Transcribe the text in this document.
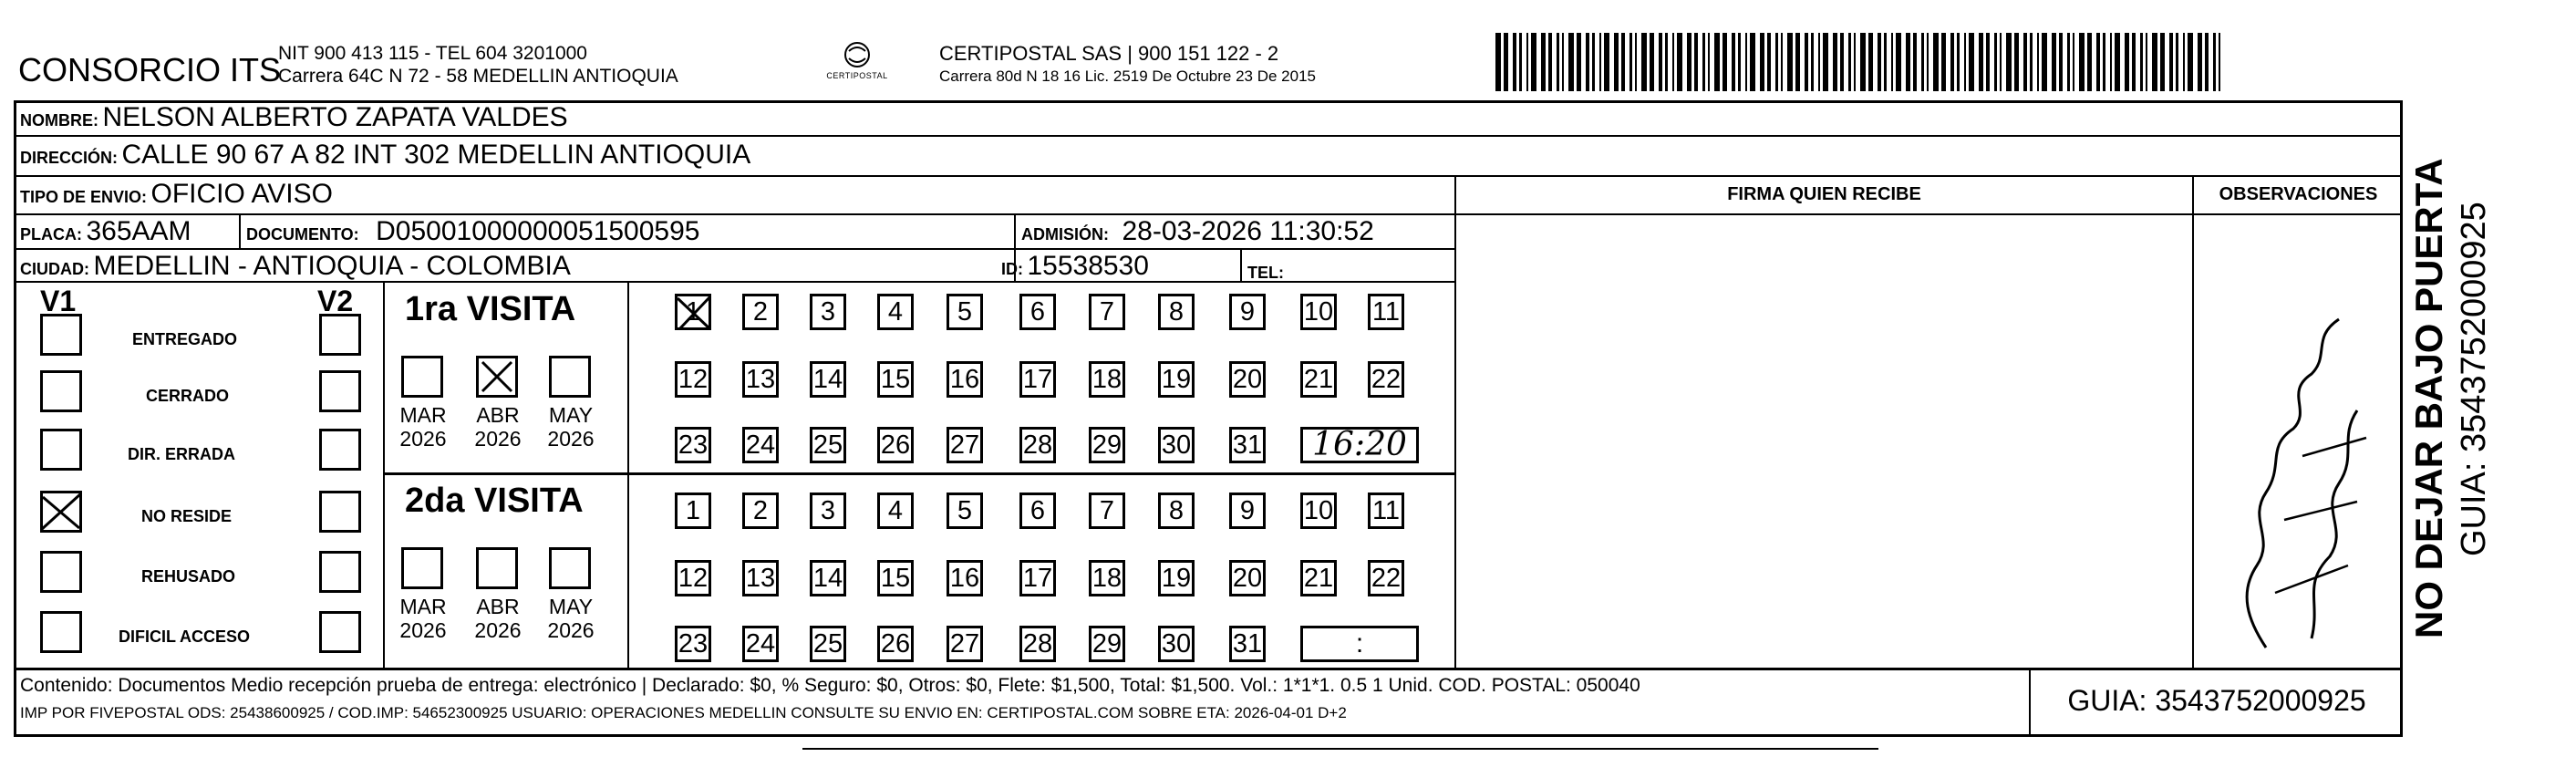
CONSORCIO ITS
NIT 900 413 115 - TEL 604 3201000
Carrera 64C N 72 - 58 MEDELLIN ANTIOQUIA	CERTIPOSTAL
CERTIPOSTAL SAS | 900 151 122 - 2
Carrera 80d N 18 16 Lic. 2519 De Octubre 23 De 2015
NOMBRE: NELSON ALBERTO ZAPATA VALDES
DIRECCIÓN: CALLE 90 67 A 82 INT 302 MEDELLIN ANTIOQUIA
TIPO DE ENVIO: OFICIO AVISO	FIRMA QUIEN RECIBE	OBSERVACIONES
PLACA: 365AAM	DOCUMENTO: D05001000000051500595	ADMISIÓN: 28-03-2026 11:30:52
CIUDAD: MEDELLIN - ANTIOQUIA - COLOMBIA	ID: 15538530	TEL:
V1	V2
ENTREGADO
CERRADO
DIR. ERRADA
NO RESIDE
REHUSADO
DIFICIL ACCESO
1ra VISITA
MAR
2026
ABR
2026
MAY
2026
1	2	3	4	5	6	7	8	9	10 11
12 13 14 15 16 17 18 19 20 21 22
23 24 25 26 27 28 29 30 31	16:20
2da VISITA
MAR
2026
ABR
2026
MAY
2026
1	2	3	4	5	6	7	8	9	10 11
12 13 14 15 16 17 18 19 20 21 22
23 24 25 26 27 28 29 30 31	:
NO DEJAR BAJO PUERTA GUIA: 3543752000925
Contenido: Documentos Medio recepción prueba de entrega: electrónico | Declarado: $0, % Seguro: $0, Otros: $0, Flete: $1,500, Total: $1,500. Vol.: 1*1*1. 0.5 1 Unid. COD. POSTAL: 050040
IMP POR FIVEPOSTAL ODS: 25438600925 / COD.IMP: 54652300925 USUARIO: OPERACIONES MEDELLIN CONSULTE SU ENVIO EN: CERTIPOSTAL.COM SOBRE ETA: 2026-04-01 D+2	GUIA: 3543752000925
